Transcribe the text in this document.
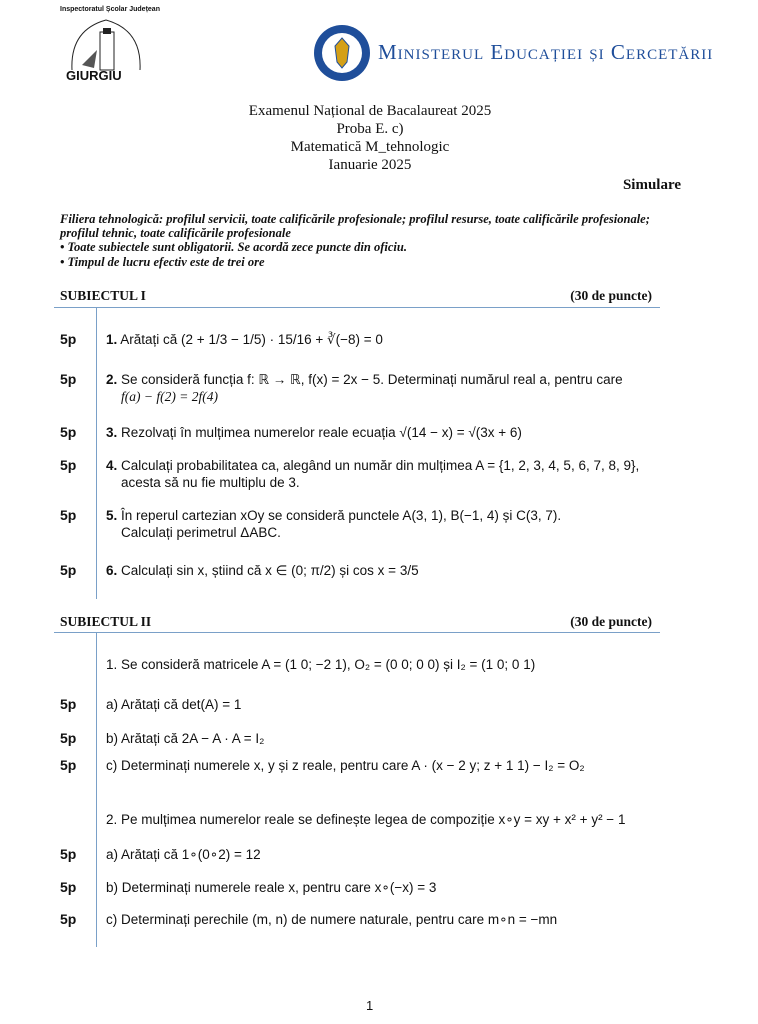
GIURGIU
Inspectoratul Școlar Județean
Ministerul Educației și Cercetării
Examenul Național de Bacalaureat 2025
Proba E. c)
Matematică M_tehnologic
Ianuarie 2025
Simulare
Filiera tehnologică: profilul servicii, toate calificările profesionale; profilul resurse, toate calificările profesionale;
profilul tehnic, toate calificările profesionale
• Toate subiectele sunt obligatorii. Se acordă zece puncte din oficiu.
• Timpul de lucru efectiv este de trei ore
SUBIECTUL I	(30 de puncte)
5p 1. Arătați că (2 + 1/3 − 1/5) · 15/16 + ∛(−8) = 0
5p 2. Se consideră funcția f: ℝ → ℝ, f(x) = 2x − 5. Determinați numărul real a, pentru care
f(a) − f(2) = 2f(4)
5p 3. Rezolvați în mulțimea numerelor reale ecuația √(14 − x) = √(3x + 6)
5p 4. Calculați probabilitatea ca, alegând un număr din mulțimea A = {1, 2, 3, 4, 5, 6, 7, 8, 9},
acesta să nu fie multiplu de 3.
5p 5. În reperul cartezian xOy se consideră punctele A(3, 1), B(−1, 4) și C(3, 7).
Calculați perimetrul ΔABC.
5p 6. Calculați sin x, știind că x ∈ (0; π/2) și cos x = 3/5
SUBIECTUL II	(30 de puncte)
1. Se consideră matricele A = (1 0; −2 1), O₂ = (0 0; 0 0) și I₂ = (1 0; 0 1)
5p a) Arătați că det(A) = 1
5p b) Arătați că 2A − A · A = I₂
5p c) Determinați numerele x, y și z reale, pentru care A · (x − 2 y; z + 1 1) − I₂ = O₂
2. Pe mulțimea numerelor reale se definește legea de compoziție x∘y = xy + x² + y² − 1
5p a) Arătați că 1∘(0∘2) = 12
5p b) Determinați numerele reale x, pentru care x∘(−x) = 3
5p c) Determinați perechile (m, n) de numere naturale, pentru care m∘n = −mn
1
